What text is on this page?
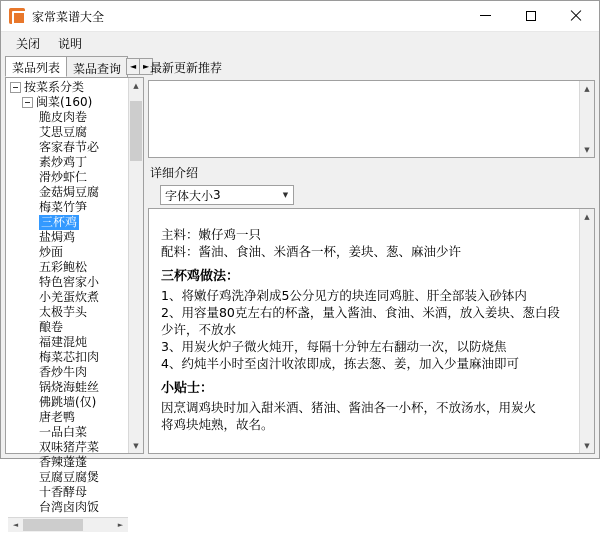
家常菜谱大全
关闭	说明
菜品列表	菜品查询	◄ ►
按菜系分类
闽菜(160)
脆皮肉卷
艾思豆腐
客家春节必
素炒鸡丁
滑炒虾仁
金菇焗豆腐
梅菜竹笋
三杯鸡
盐焗鸡
炒面
五彩鲍松
特色窖家小
小羌蛋炊煮
太极芋头
酿卷
福建混炖
梅菜芯扣肉
香炒牛肉
锅烧海蛙丝
佛跳墙(仅)
唐老鸭
一品白菜
双味猪芹菜
香辣蓬蓬
豆腐豆腐煲
十香酵母
台湾卤肉饭
◄	►
▲
▼
最新更新推荐
▲
▼
详细介绍
字体大小 3	▼

主料：嫩仔鸡一只

配料：酱油、食油、米酒各一杯，姜块、葱、麻油少许

三杯鸡做法：

1、将嫩仔鸡洗净剁成5公分见方的块连同鸡脏、肝全部装入砂钵内

2、用容量80克左右的杯盏，量入酱油、食油、米酒，放入姜块、葱白段少许，不放水

3、用炭火炉子微火炖开，每隔十分钟左右翻动一次，以防烧焦

4、约炖半小时至卤汁收浓即成，拣去葱、姜，加入少量麻油即可

小贴士：

因烹调鸡块时加入甜米酒、猪油、酱油各一小杯，不放汤水，用炭火

将鸡块炖熟，故名。

▲
▼
